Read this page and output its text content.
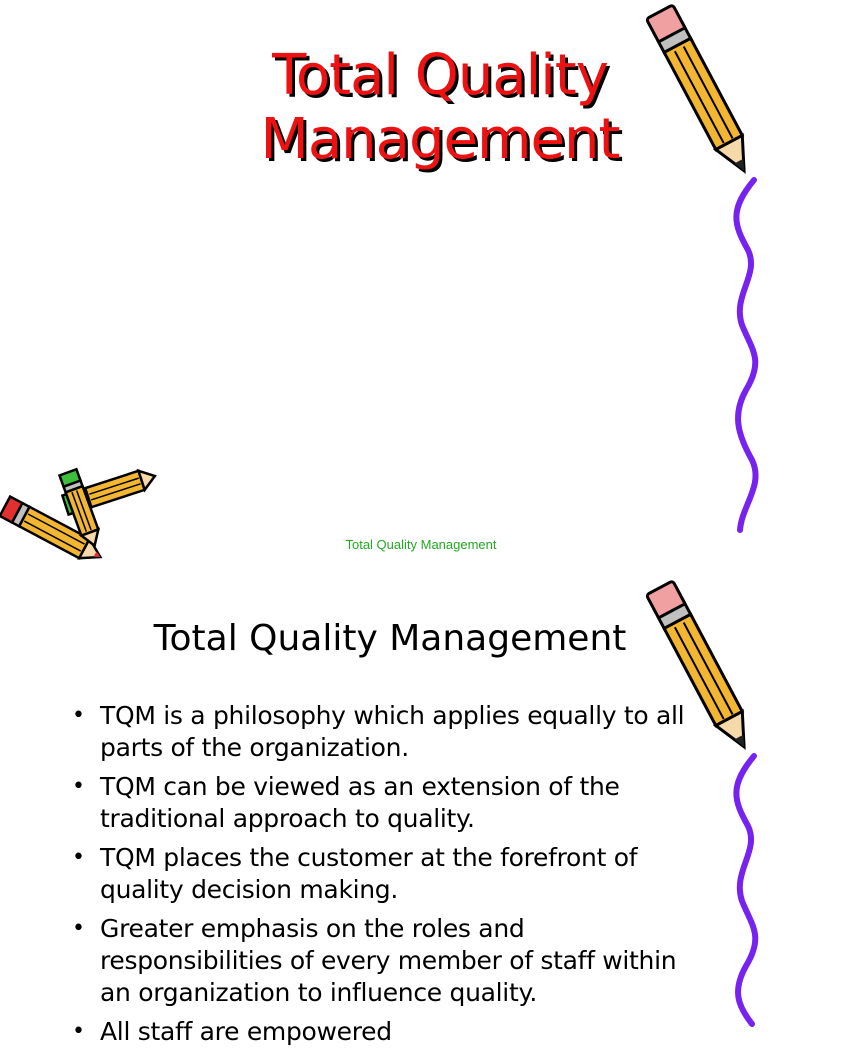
Total Quality
Management
Total Quality Management
Total Quality Management
• TQM is a philosophy which applies equally to all parts of the organization.
• TQM can be viewed as an extension of the traditional approach to quality.
• TQM places the customer at the forefront of quality decision making.
• Greater emphasis on the roles and responsibilities of every member of staff within an organization to influence quality.
• All staff are empowered
